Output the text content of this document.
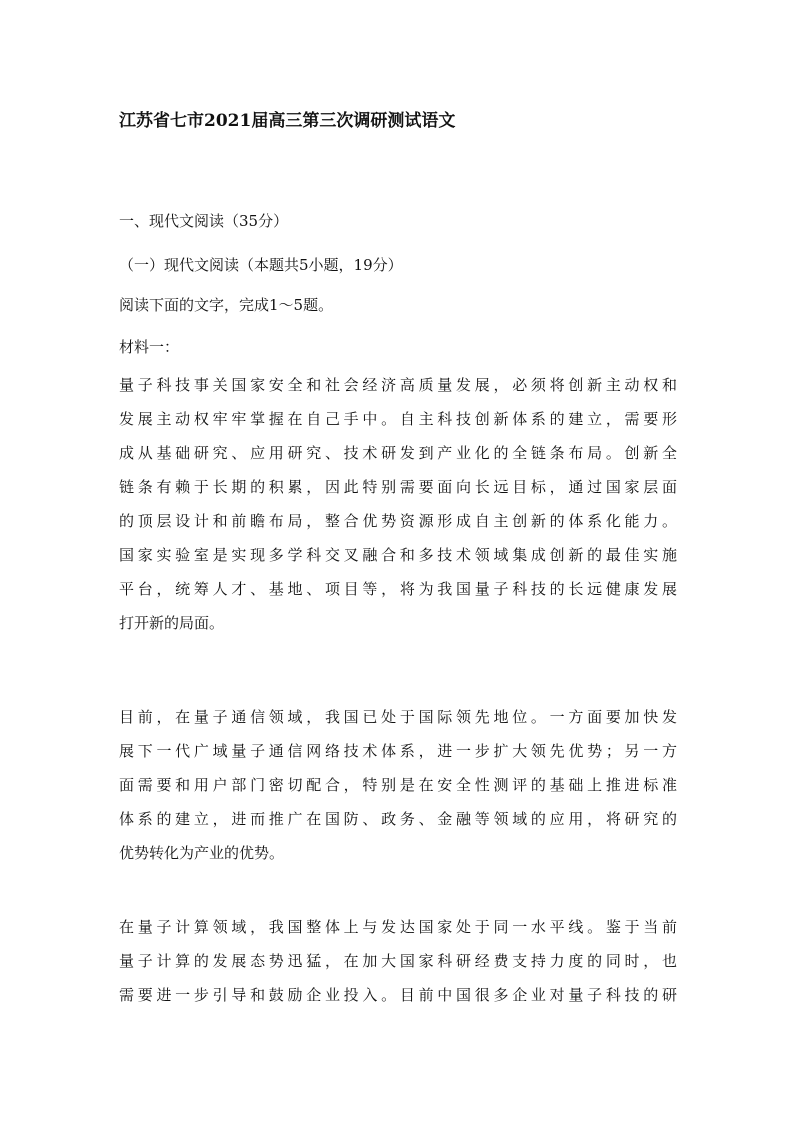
江苏省七市2021届高三第三次调研测试语文
一、现代文阅读（35分）
（一）现代文阅读（本题共5小题，19分）
阅读下面的文字，完成1～5题。
材料一：
量子科技事关国家安全和社会经济高质量发展，必须将创新主动权和
发展主动权牢牢掌握在自己手中。自主科技创新体系的建立，需要形
成从基础研究、应用研究、技术研发到产业化的全链条布局。创新全
链条有赖于长期的积累，因此特别需要面向长远目标，通过国家层面
的顶层设计和前瞻布局，整合优势资源形成自主创新的体系化能力。
国家实验室是实现多学科交叉融合和多技术领域集成创新的最佳实施
平台，统筹人才、基地、项目等，将为我国量子科技的长远健康发展
打开新的局面。
目前，在量子通信领域，我国已处于国际领先地位。一方面要加快发
展下一代广域量子通信网络技术体系，进一步扩大领先优势；另一方
面需要和用户部门密切配合，特别是在安全性测评的基础上推进标准
体系的建立，进而推广在国防、政务、金融等领域的应用，将研究的
优势转化为产业的优势。
在量子计算领域，我国整体上与发达国家处于同一水平线。鉴于当前
量子计算的发展态势迅猛，在加大国家科研经费支持力度的同时，也
需要进一步引导和鼓励企业投入。目前中国很多企业对量子科技的研
